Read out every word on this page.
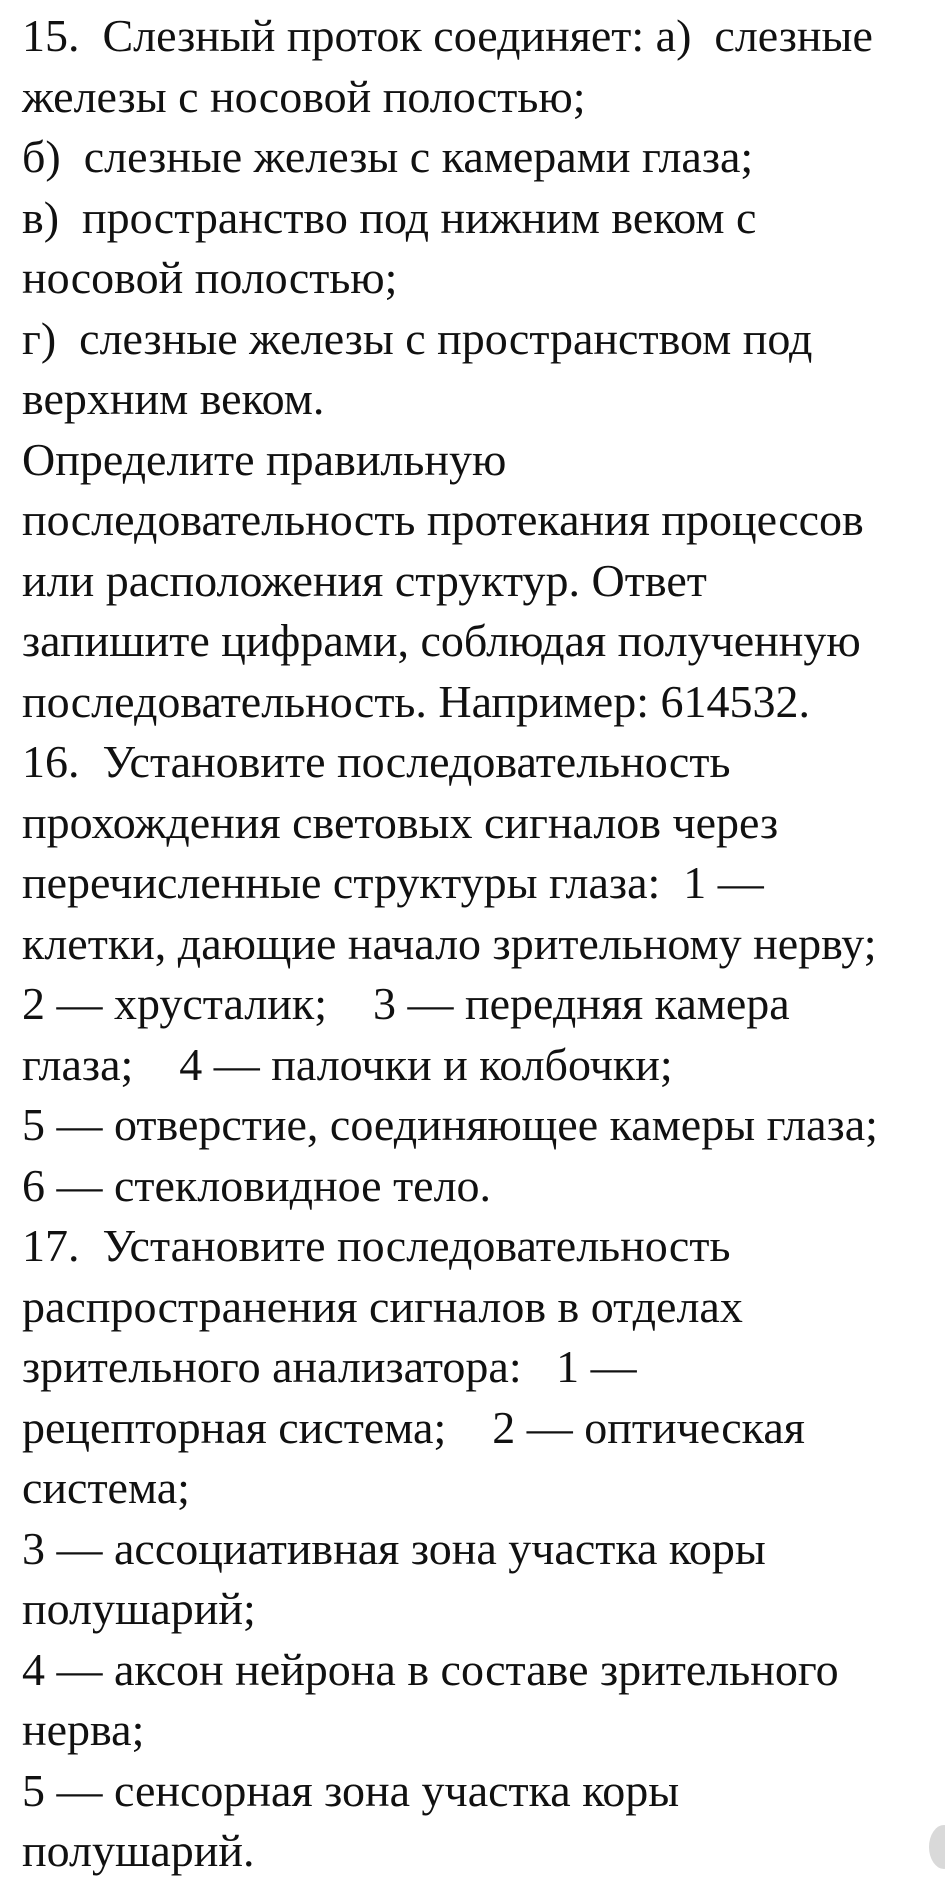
15.  Слезный проток соединяет: а)  слезные
железы с носовой полостью;
б)  слезные железы с камерами глаза;
в)  пространство под нижним веком с
носовой полостью;
г)  слезные железы с пространством под
верхним веком.
Определите правильную
последовательность протекания процессов
или расположения структур. Ответ
запишите цифрами, соблюдая полученную
последовательность. Например: 614532.
16.  Установите последовательность
прохождения световых сигналов через
перечисленные структуры глаза:  1 —
клетки, дающие начало зрительному нерву;
2 — хрусталик;    3 — передняя камера
глаза;    4 — палочки и колбочки;
5 — отверстие, соединяющее камеры глаза;
6 — стекловидное тело.
17.  Установите последовательность
распространения сигналов в отделах
зрительного анализатора:   1 —
рецепторная система;    2 — оптическая
система;
3 — ассоциативная зона участка коры
полушарий;
4 — аксон нейрона в составе зрительного
нерва;
5 — сенсорная зона участка коры
полушарий.
